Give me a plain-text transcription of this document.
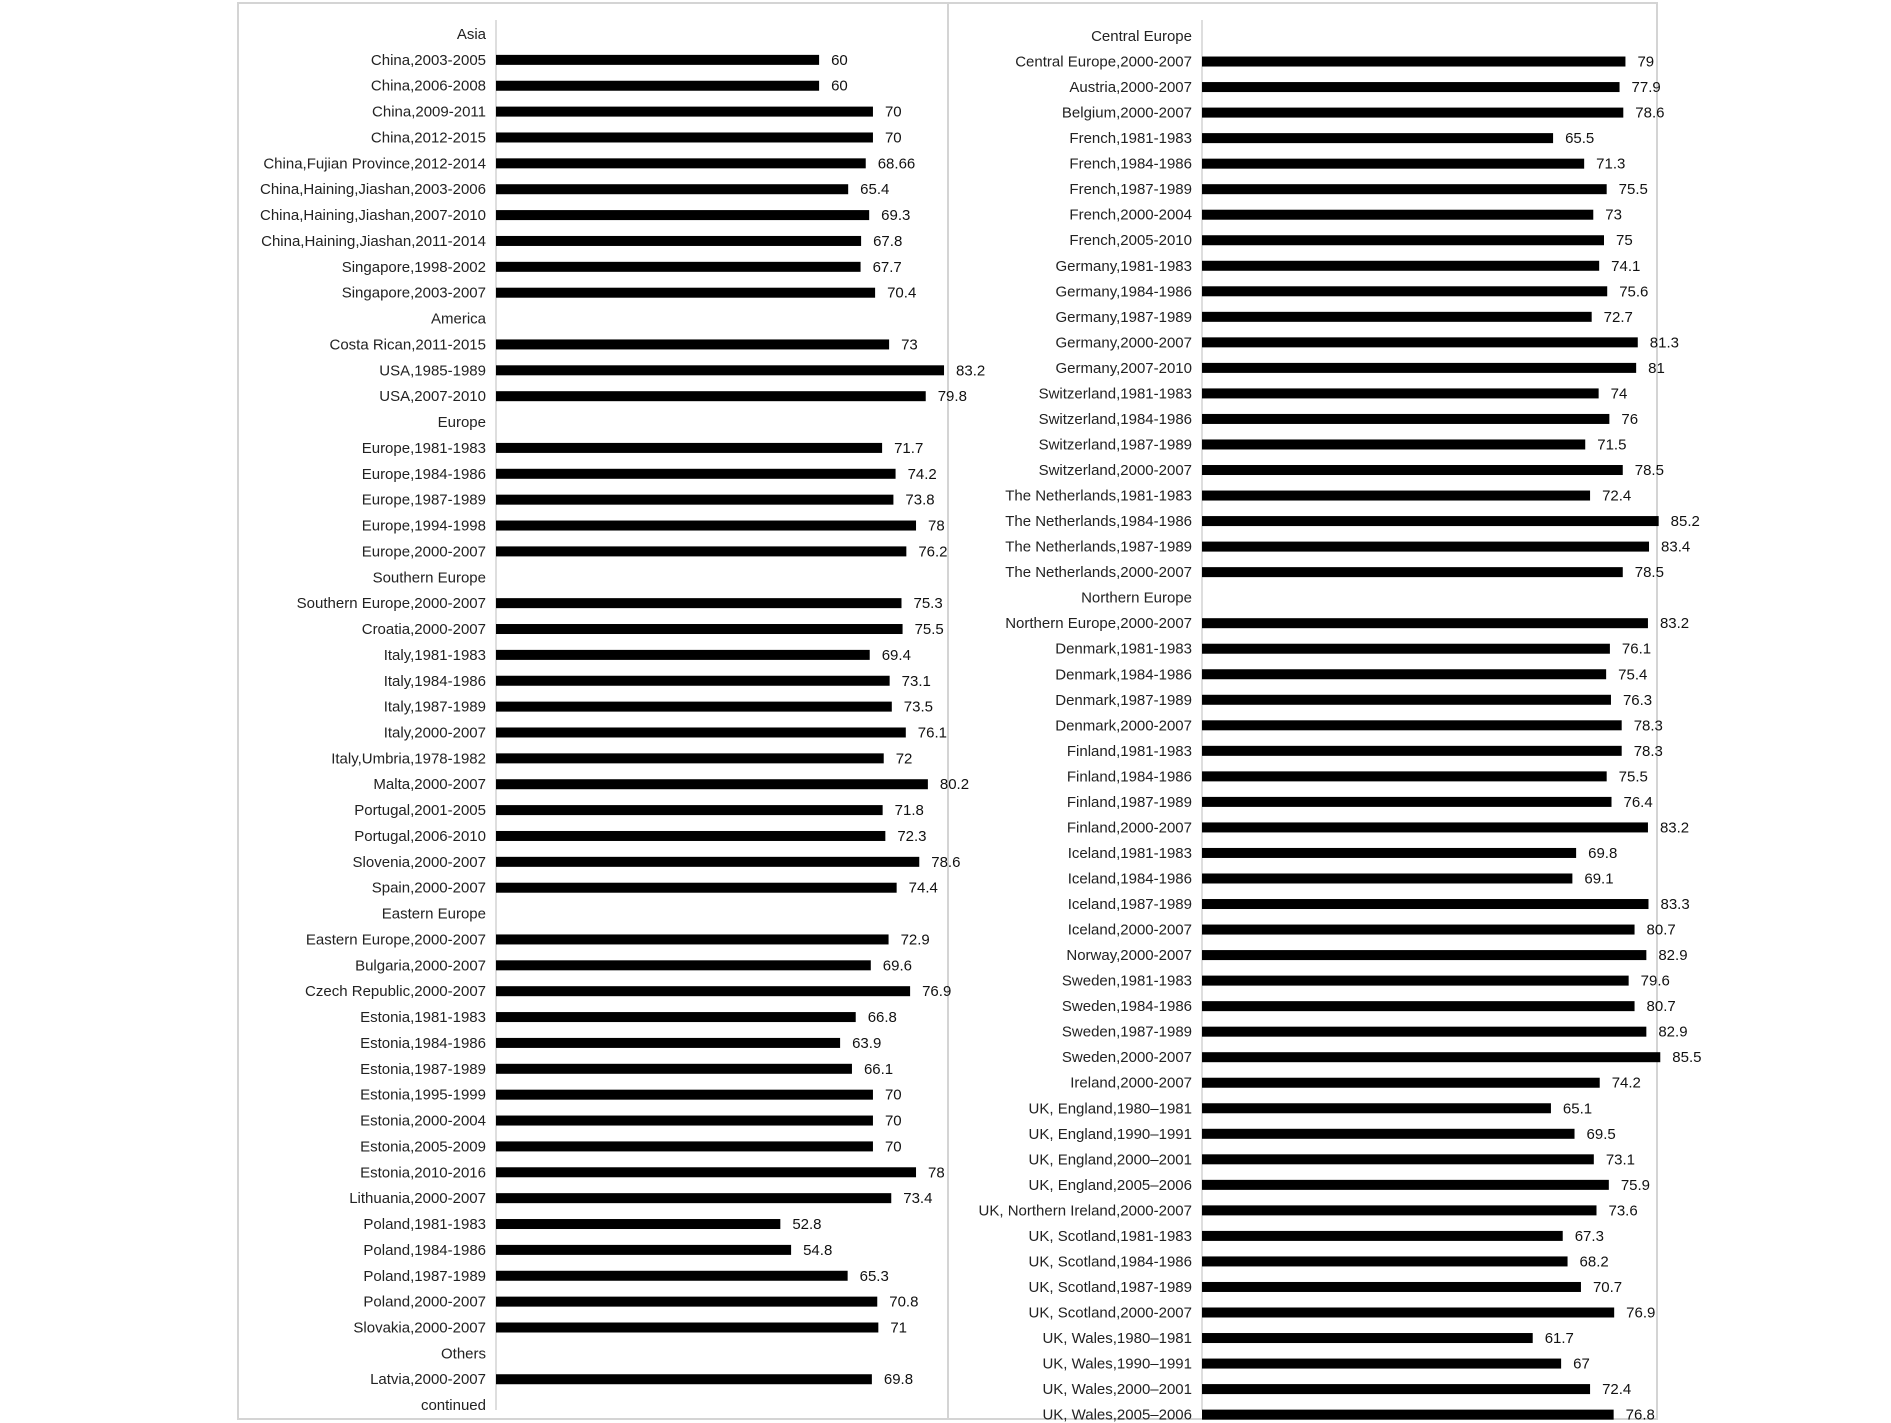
Asia
China,2003-2005	60
China,2006-2008	60
China,2009-2011	70
China,2012-2015	70
China,Fujian Province,2012-2014	68.66
China,Haining,Jiashan,2003-2006	65.4
China,Haining,Jiashan,2007-2010	69.3
China,Haining,Jiashan,2011-2014	67.8
Singapore,1998-2002	67.7
Singapore,2003-2007	70.4
America
Costa Rican,2011-2015	73
USA,1985-1989	83.2
USA,2007-2010	79.8
Europe
Europe,1981-1983	71.7
Europe,1984-1986	74.2
Europe,1987-1989	73.8
Europe,1994-1998	78
Europe,2000-2007	76.2
Southern Europe
Southern Europe,2000-2007	75.3
Croatia,2000-2007	75.5
Italy,1981-1983	69.4
Italy,1984-1986	73.1
Italy,1987-1989	73.5
Italy,2000-2007	76.1
Italy,Umbria,1978-1982	72
Malta,2000-2007	80.2
Portugal,2001-2005	71.8
Portugal,2006-2010	72.3
Slovenia,2000-2007	78.6
Spain,2000-2007	74.4
Eastern Europe
Eastern Europe,2000-2007	72.9
Bulgaria,2000-2007	69.6
Czech Republic,2000-2007	76.9
Estonia,1981-1983	66.8
Estonia,1984-1986	63.9
Estonia,1987-1989	66.1
Estonia,1995-1999	70
Estonia,2000-2004	70
Estonia,2005-2009	70
Estonia,2010-2016	78
Lithuania,2000-2007	73.4
Poland,1981-1983	52.8
Poland,1984-1986	54.8
Poland,1987-1989	65.3
Poland,2000-2007	70.8
Slovakia,2000-2007	71
Others
Latvia,2000-2007	69.8
continued
Central Europe
Central Europe,2000-2007	79
Austria,2000-2007	77.9
Belgium,2000-2007	78.6
French,1981-1983	65.5
French,1984-1986	71.3
French,1987-1989	75.5
French,2000-2004	73
French,2005-2010	75
Germany,1981-1983	74.1
Germany,1984-1986	75.6
Germany,1987-1989	72.7
Germany,2000-2007	81.3
Germany,2007-2010	81
Switzerland,1981-1983	74
Switzerland,1984-1986	76
Switzerland,1987-1989	71.5
Switzerland,2000-2007	78.5
The Netherlands,1981-1983	72.4
The Netherlands,1984-1986	85.2
The Netherlands,1987-1989	83.4
The Netherlands,2000-2007	78.5
Northern Europe
Northern Europe,2000-2007	83.2
Denmark,1981-1983	76.1
Denmark,1984-1986	75.4
Denmark,1987-1989	76.3
Denmark,2000-2007	78.3
Finland,1981-1983	78.3
Finland,1984-1986	75.5
Finland,1987-1989	76.4
Finland,2000-2007	83.2
Iceland,1981-1983	69.8
Iceland,1984-1986	69.1
Iceland,1987-1989	83.3
Iceland,2000-2007	80.7
Norway,2000-2007	82.9
Sweden,1981-1983	79.6
Sweden,1984-1986	80.7
Sweden,1987-1989	82.9
Sweden,2000-2007	85.5
Ireland,2000-2007	74.2
UK, England,1980–1981	65.1
UK, England,1990–1991	69.5
UK, England,2000–2001	73.1
UK, England,2005–2006	75.9
UK, Northern Ireland,2000-2007	73.6
UK, Scotland,1981-1983	67.3
UK, Scotland,1984-1986	68.2
UK, Scotland,1987-1989	70.7
UK, Scotland,2000-2007	76.9
UK, Wales,1980–1981	61.7
UK, Wales,1990–1991	67
UK, Wales,2000–2001	72.4
UK, Wales,2005–2006	76.8
